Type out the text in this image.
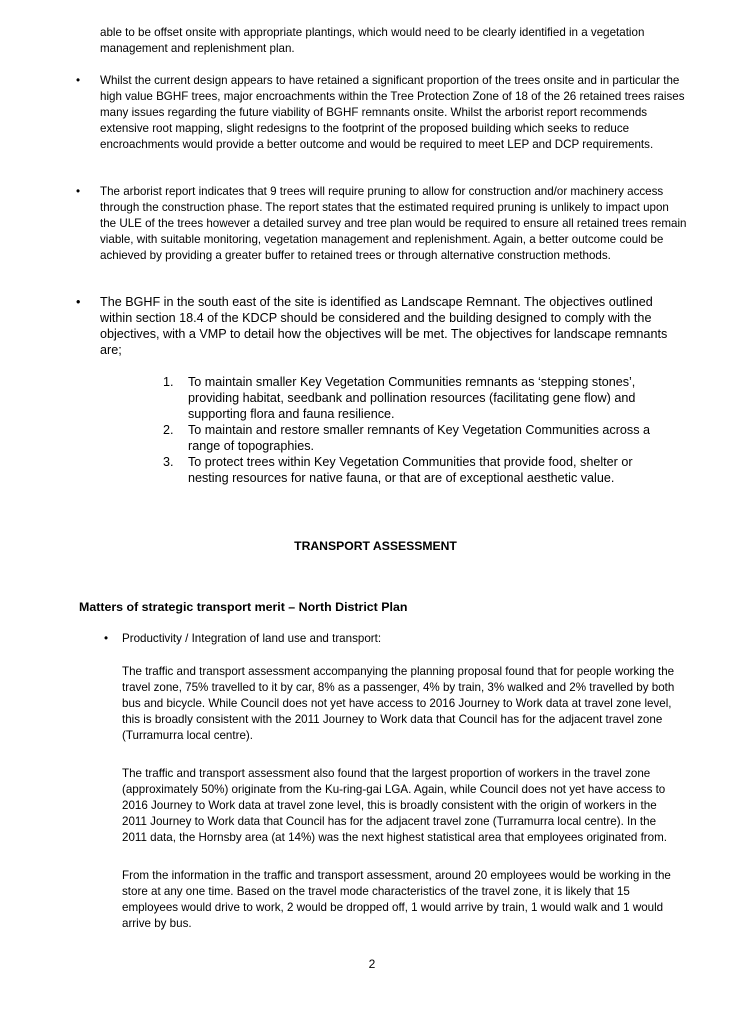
able to be offset onsite with appropriate plantings, which would need to be clearly identified in a vegetation management and replenishment plan.

•	Whilst the current design appears to have retained a significant proportion of the trees onsite and in particular the high value BGHF trees, major encroachments within the Tree Protection Zone of 18 of the 26 retained trees raises many issues regarding the future viability of BGHF remnants onsite. Whilst the arborist report recommends extensive root mapping, slight redesigns to the footprint of the proposed building which seeks to reduce encroachments would provide a better outcome and would be required to meet LEP and DCP requirements.

•	The arborist report indicates that 9 trees will require pruning to allow for construction and/or machinery access through the construction phase. The report states that the estimated required pruning is unlikely to impact upon the ULE of the trees however a detailed survey and tree plan would be required to ensure all retained trees remain viable, with suitable monitoring, vegetation management and replenishment. Again, a better outcome could be achieved by providing a greater buffer to retained trees or through alternative construction methods.

•	The BGHF in the south east of the site is identified as Landscape Remnant. The objectives outlined within section 18.4 of the KDCP should be considered and the building designed to comply with the objectives, with a VMP to detail how the objectives will be met. The objectives for landscape remnants are;

1. To maintain smaller Key Vegetation Communities remnants as ‘stepping stones’, providing habitat, seedbank and pollination resources (facilitating gene flow) and supporting flora and fauna resilience.
2. To maintain and restore smaller remnants of Key Vegetation Communities across a range of topographies.
3. To protect trees within Key Vegetation Communities that provide food, shelter or nesting resources for native fauna, or that are of exceptional aesthetic value.
TRANSPORT ASSESSMENT
Matters of strategic transport merit – North District Plan
• Productivity / Integration of land use and transport:

The traffic and transport assessment accompanying the planning proposal found that for people working the travel zone, 75% travelled to it by car, 8% as a passenger, 4% by train, 3% walked and 2% travelled by both bus and bicycle. While Council does not yet have access to 2016 Journey to Work data at travel zone level, this is broadly consistent with the 2011 Journey to Work data that Council has for the adjacent travel zone (Turramurra local centre).

The traffic and transport assessment also found that the largest proportion of workers in the travel zone (approximately 50%) originate from the Ku-ring-gai LGA. Again, while Council does not yet have access to 2016 Journey to Work data at travel zone level, this is broadly consistent with the origin of workers in the 2011 Journey to Work data that Council has for the adjacent travel zone (Turramurra local centre). In the 2011 data, the Hornsby area (at 14%) was the next highest statistical area that employees originated from.

From the information in the traffic and transport assessment, around 20 employees would be working in the store at any one time. Based on the travel mode characteristics of the travel zone, it is likely that 15 employees would drive to work, 2 would be dropped off, 1 would arrive by train, 1 would walk and 1 would arrive by bus.

2
